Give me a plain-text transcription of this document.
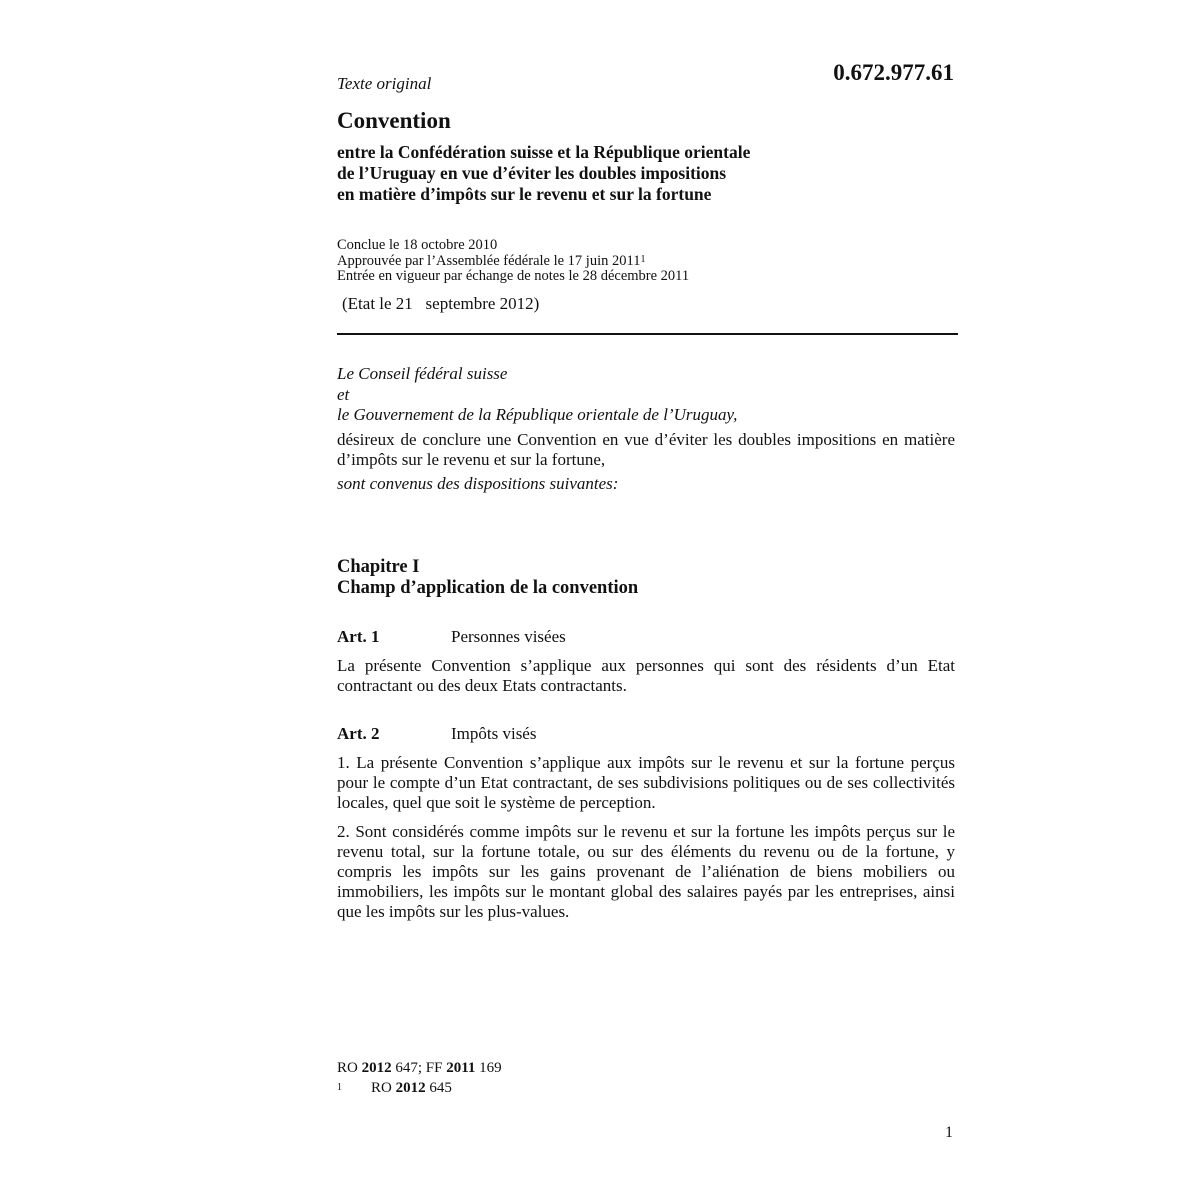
Texte original	0.672.977.61
Convention
entre la Confédération suisse et la République orientale
de l’Uruguay en vue d’éviter les doubles impositions
en matière d’impôts sur le revenu et sur la fortune
Conclue le 18 octobre 2010
Approuvée par l’Assemblée fédérale le 17 juin 2011$^1$
Entrée en vigueur par échange de notes le 28 décembre 2011
(Etat le 21   septembre 2012)
Le Conseil fédéral suisse
et
le Gouvernement de la République orientale de l’Uruguay,
désireux de conclure une Convention en vue d’éviter les doubles impositions en matière d’impôts sur le revenu et sur la fortune,
sont convenus des dispositions suivantes:
Chapitre I
Champ d’application de la convention
Art. 1	Personnes visées
La présente Convention s’applique aux personnes qui sont des résidents d’un Etat contractant ou des deux Etats contractants.
Art. 2	Impôts visés
1. La présente Convention s’applique aux impôts sur le revenu et sur la fortune perçus pour le compte d’un Etat contractant, de ses subdivisions politiques ou de ses collectivités locales, quel que soit le système de perception.
2. Sont considérés comme impôts sur le revenu et sur la fortune les impôts perçus sur le revenu total, sur la fortune totale, ou sur des éléments du revenu ou de la fortune, y compris les impôts sur les gains provenant de l’aliénation de biens mobiliers ou immobiliers, les impôts sur le montant global des salaires payés par les entreprises, ainsi que les impôts sur les plus-values.
RO 2012 647; FF 2011 169
1 RO 2012 645
1
